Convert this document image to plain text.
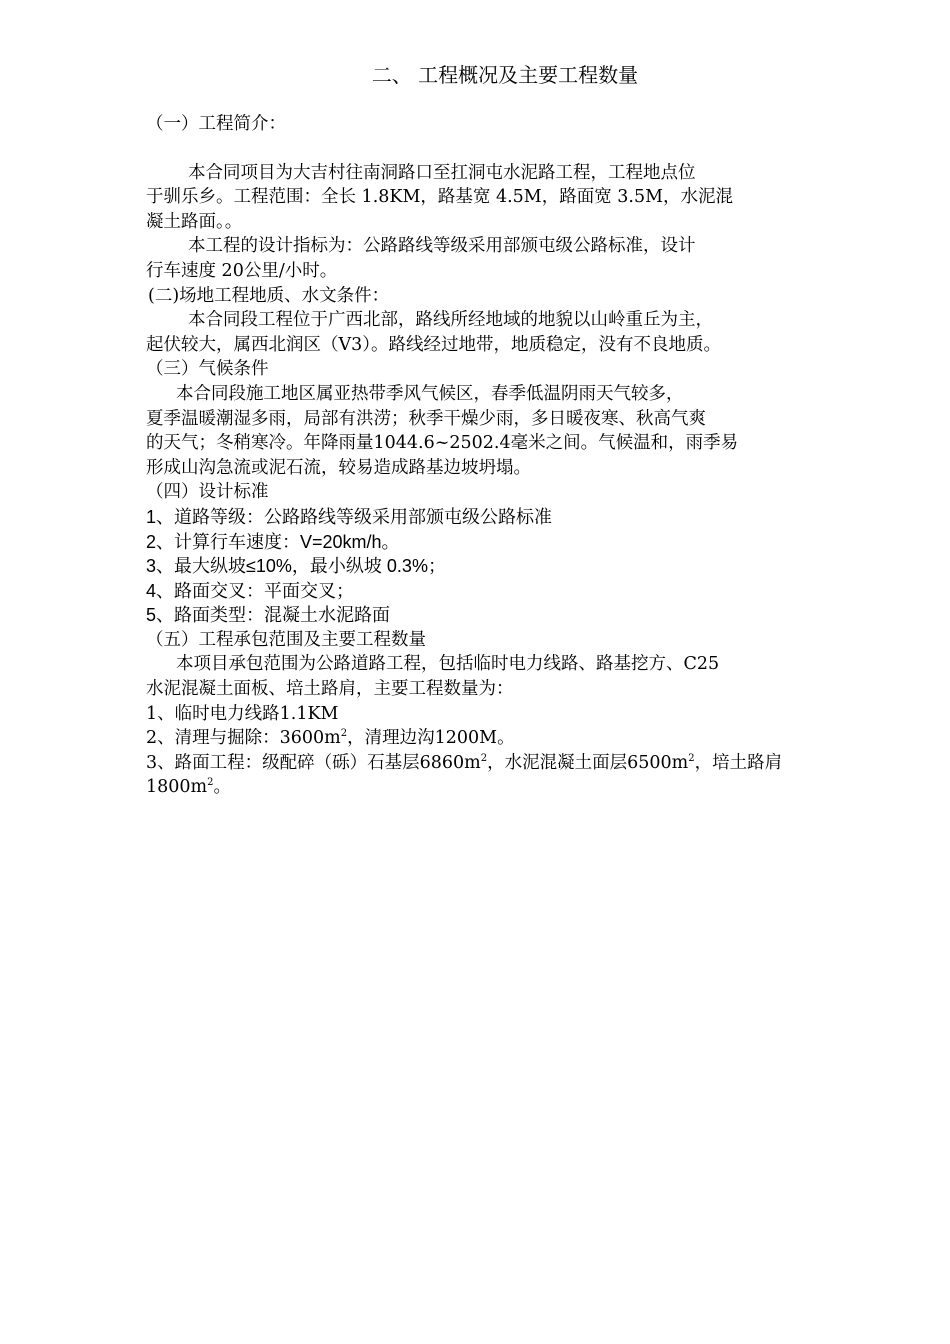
二、 工程概况及主要工程数量
（一）工程简介：
本合同项目为大吉村往南洞路口至扛洞屯水泥路工程，工程地点位
于驯乐乡。工程范围：全长 1.8KM，路基宽 4.5M，路面宽 3.5M，水泥混
凝土路面。。
本工程的设计指标为：公路路线等级采用部颁屯级公路标准，设计
行车速度 20公里/小时。
(二)场地工程地质、水文条件：
本合同段工程位于广西北部，路线所经地域的地貌以山岭重丘为主，
起伏较大，属西北润区（V3）。路线经过地带，地质稳定，没有不良地质。
（三）气候条件
本合同段施工地区属亚热带季风气候区，春季低温阴雨天气较多，
夏季温暖潮湿多雨，局部有洪涝；秋季干燥少雨，多日暖夜寒、秋高气爽
的天气；冬稍寒冷。年降雨量1044.6~2502.4毫米之间。气候温和，雨季易
形成山沟急流或泥石流，较易造成路基边坡坍塌。
（四）设计标准
1、道路等级：公路路线等级采用部颁屯级公路标准
2、计算行车速度：V=20km/h。
3、最大纵坡≤10%，最小纵坡 0.3%；
4、路面交叉：平面交叉；
5、路面类型：混凝土水泥路面
（五）工程承包范围及主要工程数量
本项目承包范围为公路道路工程，包括临时电力线路、路基挖方、C25
水泥混凝土面板、培土路肩，主要工程数量为：
1、临时电力线路1.1KM
2、清理与掘除：$3600m^2$，清理边沟1200M。
3、路面工程：级配碎（砾）石基层$6860m^2$，水泥混凝土面层$6500m^2$，培土路肩
$1800m^2$。
